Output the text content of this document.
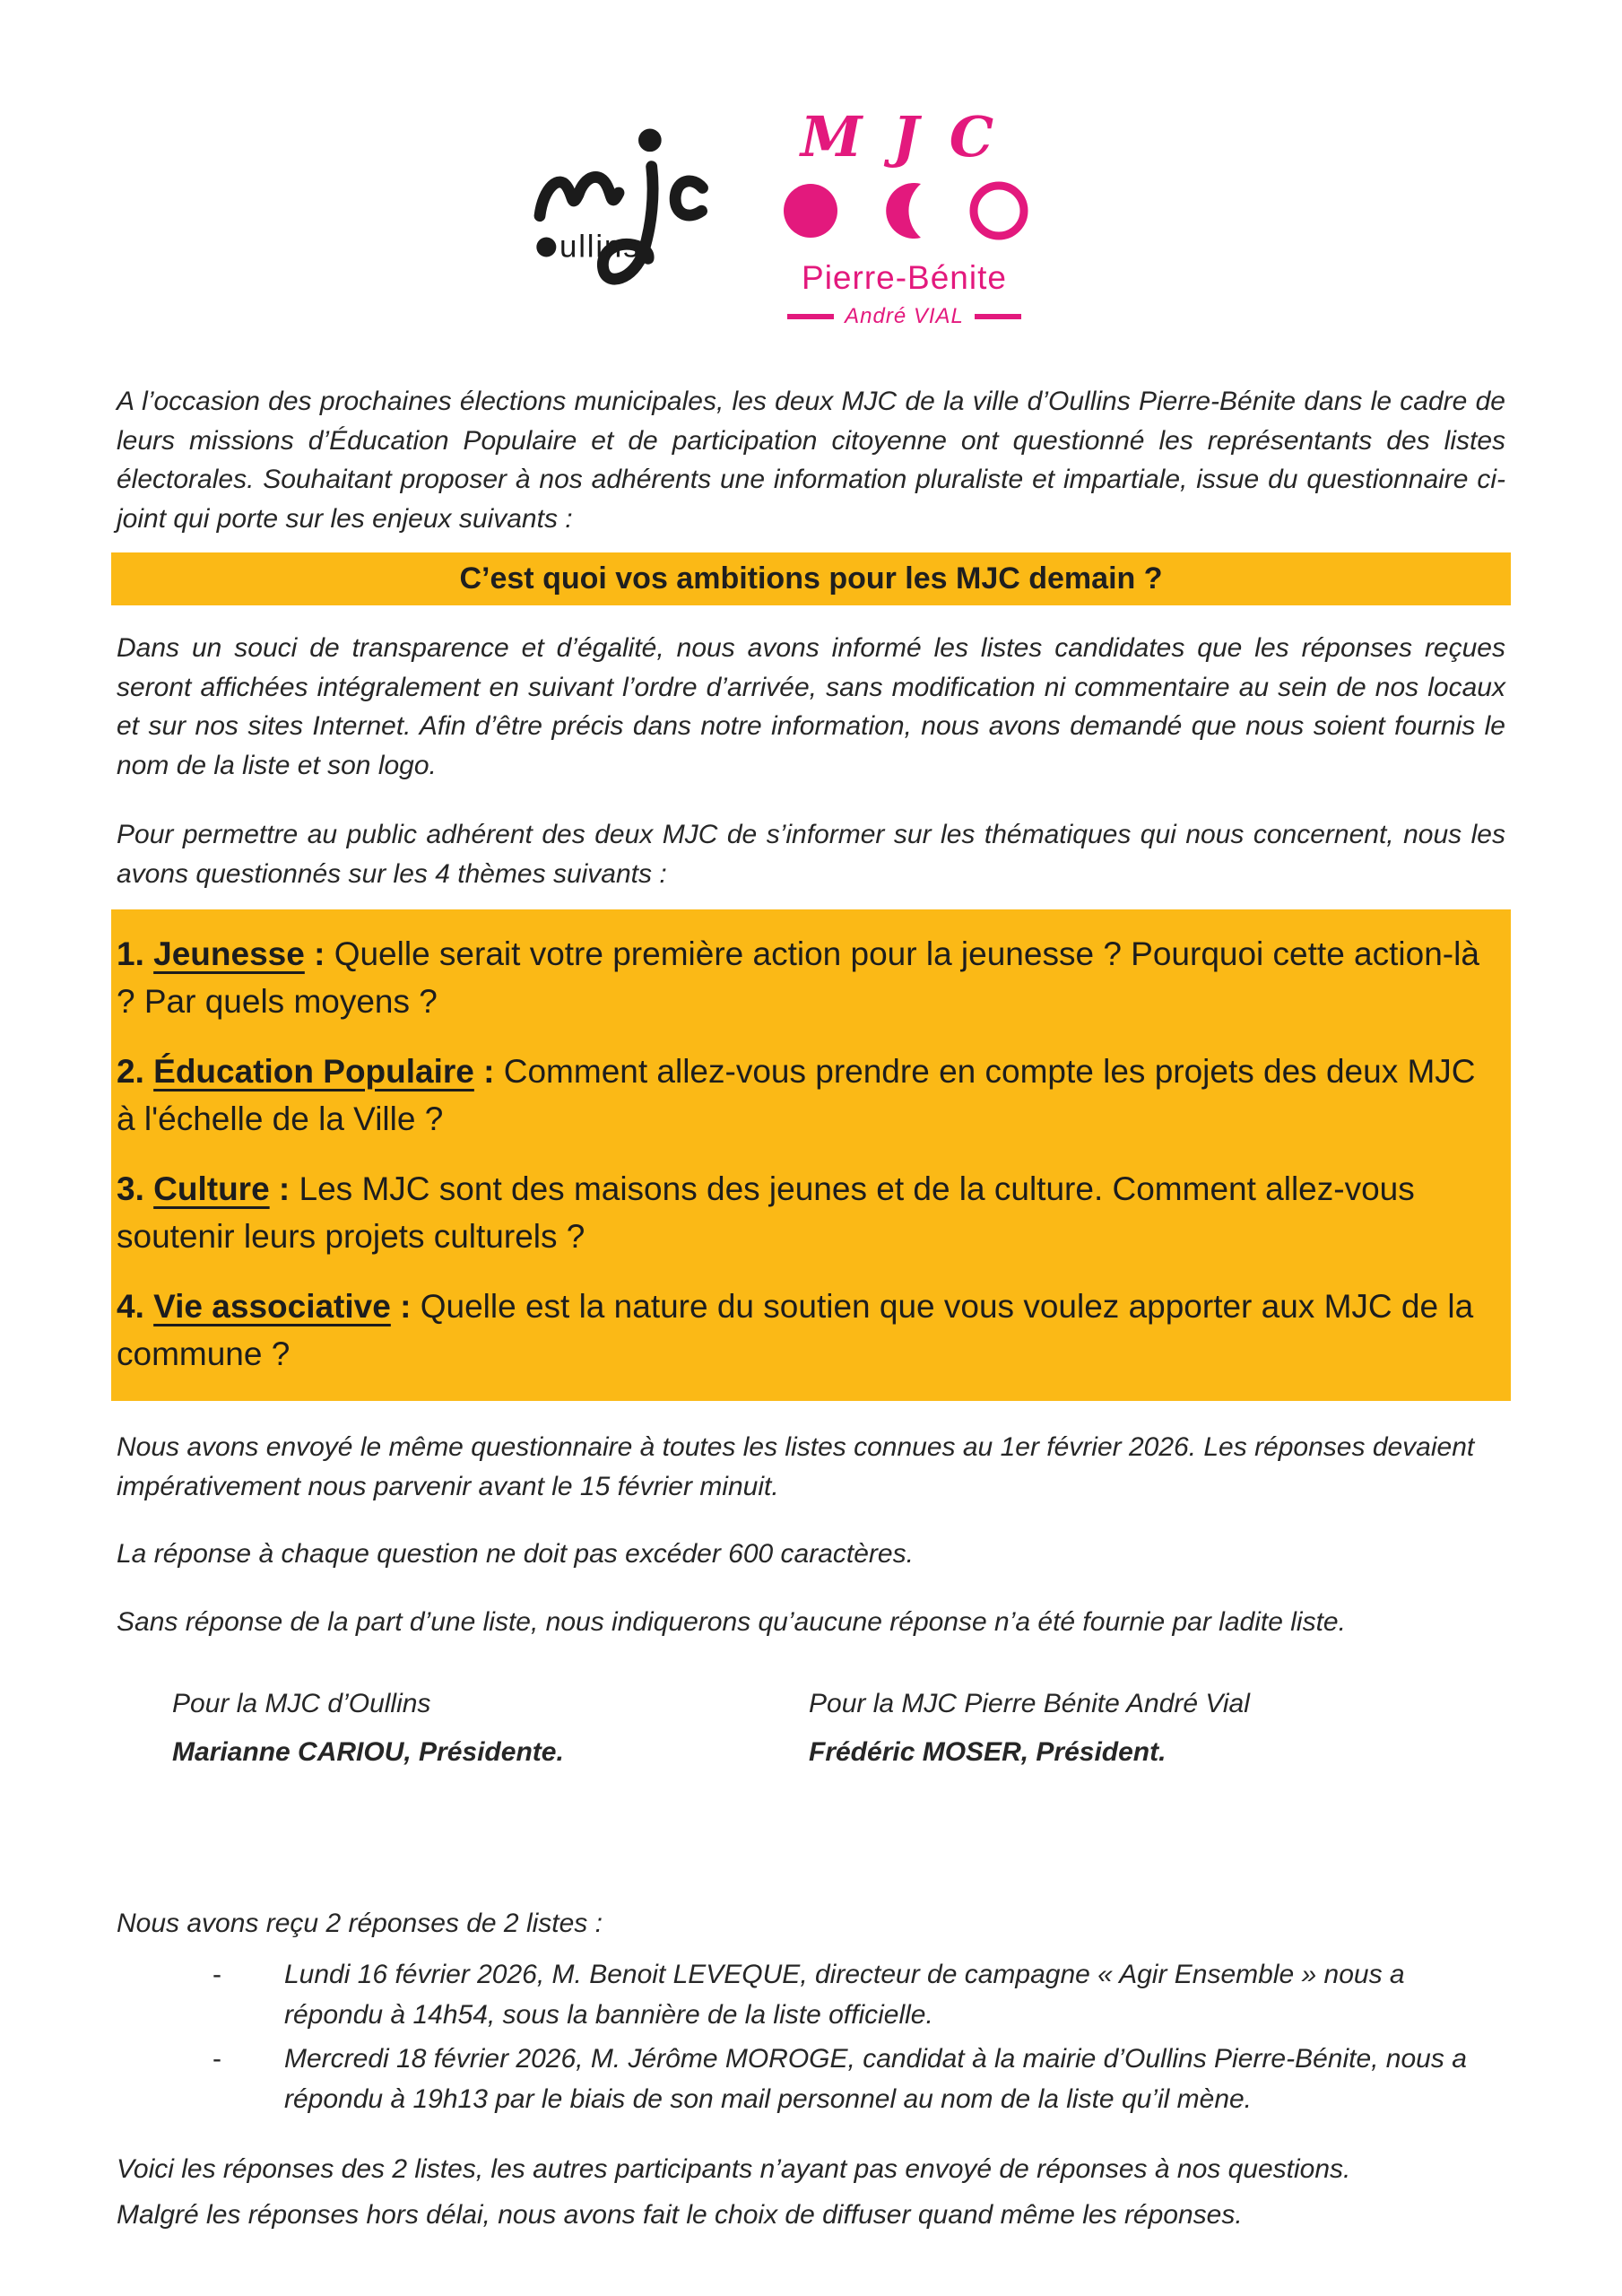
ullins
MJC
Pierre-Bénite
André VIAL

A l’occasion des prochaines élections municipales, les deux MJC de la ville d’Oullins Pierre-Bénite dans le cadre de leurs missions d’Éducation Populaire et de participation citoyenne ont questionné les représentants des listes électorales. Souhaitant proposer à nos adhérents une information pluraliste et impartiale, issue du questionnaire ci-joint qui porte sur les enjeux suivants :

C’est quoi vos ambitions pour les MJC demain ?

Dans un souci de transparence et d’égalité, nous avons informé les listes candidates que les réponses reçues seront affichées intégralement en suivant l’ordre d’arrivée, sans modification ni commentaire au sein de nos locaux et sur nos sites Internet. Afin d’être précis dans notre information, nous avons demandé que nous soient fournis le nom de la liste et son logo.

Pour permettre au public adhérent des deux MJC de s’informer sur les thématiques qui nous concernent, nous les avons questionnés sur les 4 thèmes suivants :

1. Jeunesse : Quelle serait votre première action pour la jeunesse ? Pourquoi cette action-là ? Par quels moyens ?

2. Éducation Populaire : Comment allez-vous prendre en compte les projets des deux MJC à l'échelle de la Ville ?

3. Culture : Les MJC sont des maisons des jeunes et de la culture. Comment allez-vous soutenir leurs projets culturels ?

4. Vie associative : Quelle est la nature du soutien que vous voulez apporter aux MJC de la commune ?

Nous avons envoyé le même questionnaire à toutes les listes connues au 1er février 2026. Les réponses devaient impérativement nous parvenir avant le 15 février minuit.

La réponse à chaque question ne doit pas excéder 600 caractères.

Sans réponse de la part d’une liste, nous indiquerons qu’aucune réponse n’a été fournie par ladite liste.

Pour la MJC d’Oullins

Marianne CARIOU, Présidente.

Pour la MJC Pierre Bénite André Vial

Frédéric MOSER, Président.

Nous avons reçu 2 réponses de 2 listes :

-	Lundi 16 février 2026, M. Benoit LEVEQUE, directeur de campagne « Agir Ensemble » nous a répondu à 14h54, sous la bannière de la liste officielle.
-	Mercredi 18 février 2026, M. Jérôme MOROGE, candidat à la mairie d’Oullins Pierre-Bénite, nous a répondu à 19h13 par le biais de son mail personnel au nom de la liste qu’il mène.

Voici les réponses des 2 listes, les autres participants n’ayant pas envoyé de réponses à nos questions.

Malgré les réponses hors délai, nous avons fait le choix de diffuser quand même les réponses.
